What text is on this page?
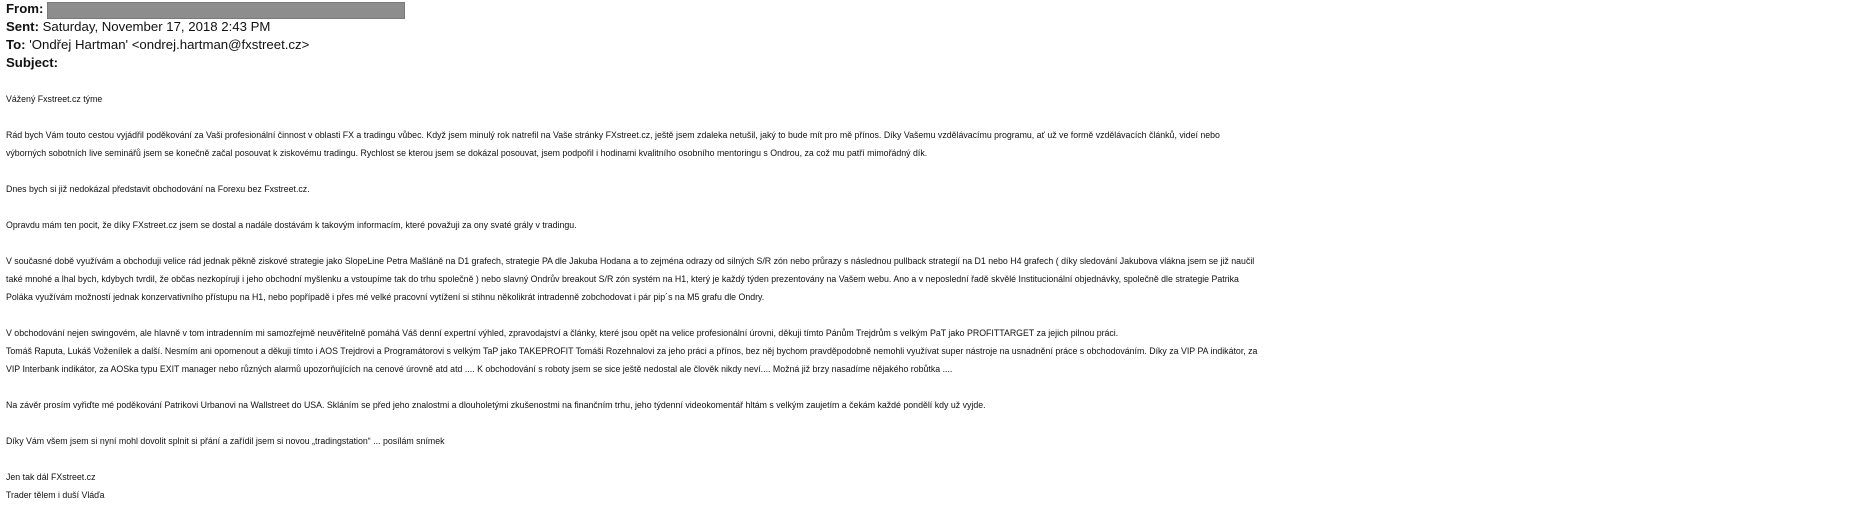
From:
Sent: Saturday, November 17, 2018 2:43 PM
To: 'Ondřej Hartman' <ondrej.hartman@fxstreet.cz>
Subject:
Vážený Fxstreet.cz týme
Rád bych Vám touto cestou vyjádřil poděkování za Vaši profesionální činnost v oblasti FX a tradingu vůbec. Když jsem minulý rok natrefil na Vaše stránky FXstreet.cz, ještě jsem zdaleka netušil, jaký to bude mít pro mě přínos. Díky Vašemu vzdělávacímu programu, ať už ve formě vzdělávacích článků, videí nebo
výborných sobotních live seminářů jsem se konečně začal posouvat k ziskovému tradingu. Rychlost se kterou jsem se dokázal posouvat, jsem podpořil i hodinami kvalitního osobního mentoringu s Ondrou, za což mu patří mimořádný dík.
Dnes bych si již nedokázal představit obchodování na Forexu bez Fxstreet.cz.
Opravdu mám ten pocit, že díky FXstreet.cz jsem se dostal a nadále dostávám k takovým informacím, které považuji za ony svaté grály v tradingu.
V současné době využívám a obchoduji velice rád jednak pěkně ziskové strategie jako SlopeLine Petra Mašláně na D1 grafech, strategie PA dle Jakuba Hodana a to zejména odrazy od silných S/R zón nebo průrazy s následnou pullback strategií na D1 nebo H4 grafech ( díky sledování Jakubova vlákna jsem se již naučil
také mnohé a lhal bych, kdybych tvrdil, že občas nezkopíruji i jeho obchodní myšlenku a vstoupíme tak do trhu společně ) nebo slavný Ondrův breakout S/R zón systém na H1, který je každý týden prezentovány na Vašem webu. Ano a v neposlední řadě skvělé Institucionální objednávky, společně dle strategie Patrika
Poláka využívám možností jednak konzervativního přístupu na H1, nebo popřípadě i přes mé velké pracovní vytížení si stihnu několikrát intradenně zobchodovat i pár pip´s na M5 grafu dle Ondry.
V obchodování nejen swingovém, ale hlavně v tom intradenním mi samozřejmě neuvěřitelně pomáhá Váš denní expertní výhled, zpravodajství a články, které jsou opět na velice profesionální úrovni, děkuji tímto Pánům Trejdrům s velkým PaT jako PROFITTARGET za jejich pilnou práci.
Tomáš Raputa, Lukáš Voženílek a další. Nesmím ani opomenout a děkuji tímto i AOS Trejdrovi a Programátorovi s velkým TaP jako TAKEPROFIT Tomáši Rozehnalovi za jeho práci a přínos, bez něj bychom pravděpodobně nemohli využívat super nástroje na usnadnění práce s obchodováním. Díky za VIP PA indikátor, za
VIP Interbank indikátor, za AOSka typu EXIT manager nebo různých alarmů upozorňujících na cenové úrovně atd atd .... K obchodování s roboty jsem se sice ještě nedostal ale člověk nikdy neví.... Možná již brzy nasadíme nějakého robůtka ....
Na závěr prosím vyřiďte mé poděkování Patrikovi Urbanovi na Wallstreet do USA. Skláním se před jeho znalostmi a dlouholetými zkušenostmi na finančním trhu, jeho týdenní videokomentář hltám s velkým zaujetím a čekám každé pondělí kdy už vyjde.
Díky Vám všem jsem si nyní mohl dovolit splnit si přání a zařídil jsem si novou „tradingstation“ ... posílám snímek
Jen tak dál FXstreet.cz
Trader tělem i duší Vláďa
